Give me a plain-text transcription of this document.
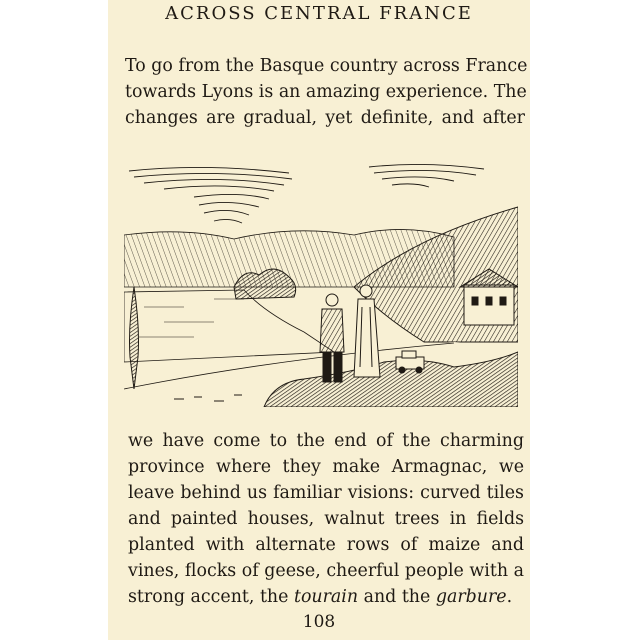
ACROSS CENTRAL FRANCE
To go from the Basque country across France
towards Lyons is an amazing experience. The
changes are gradual, yet definite, and after
we have come to the end of the charming
province where they make Armagnac, we
leave behind us familiar visions: curved tiles
and painted houses, walnut trees in fields
planted with alternate rows of maize and
vines, flocks of geese, cheerful people with a
strong accent, the tourain and the garbure.
108
